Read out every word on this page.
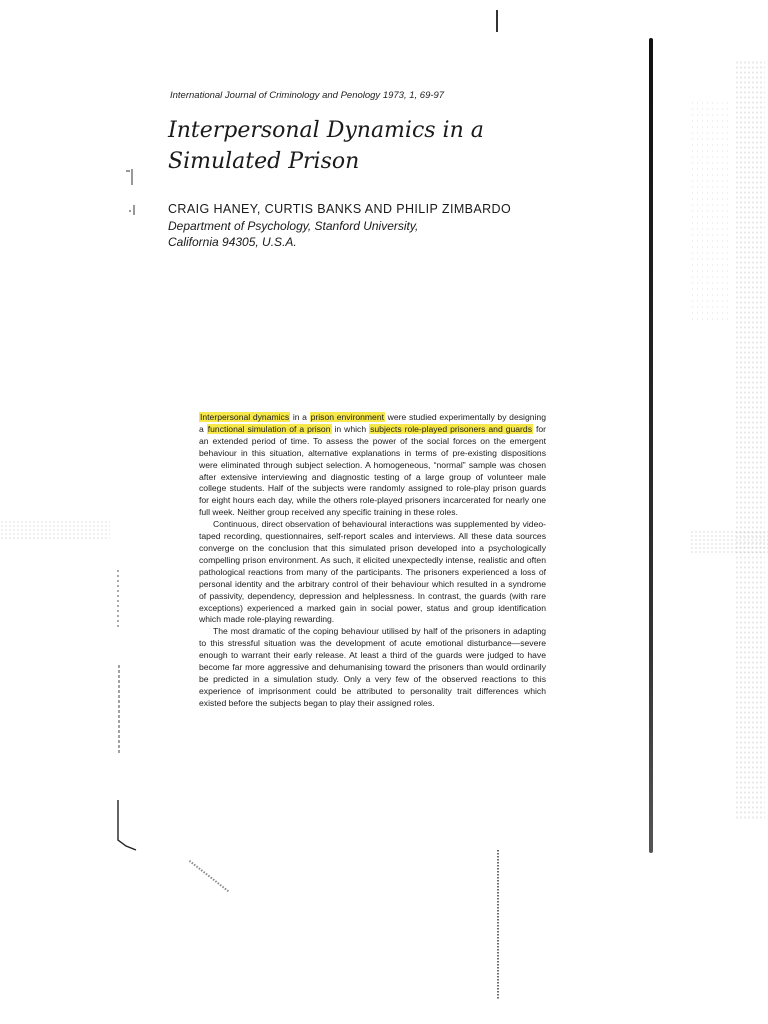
International Journal of Criminology and Penology 1973, 1, 69-97
Interpersonal Dynamics in a
Simulated Prison
CRAIG HANEY, CURTIS BANKS AND PHILIP ZIMBARDO
Department of Psychology, Stanford University,
California 94305, U.S.A.

Interpersonal dynamics in a prison environment were studied experimentally by designing a functional simulation of a prison in which subjects role-played prisoners and guards for an extended period of time. To assess the power of the social forces on the emergent behaviour in this situation, alternative explanations in terms of pre-existing dispositions were eliminated through subject selection. A homogeneous, “normal” sample was chosen after extensive interviewing and diagnostic testing of a large group of volunteer male college students. Half of the subjects were randomly assigned to role-play prison guards for eight hours each day, while the others role-played prisoners incarcerated for nearly one full week. Neither group received any specific training in these roles.

Continuous, direct observation of behavioural interactions was supplemented by video-taped recording, questionnaires, self-report scales and interviews. All these data sources converge on the conclusion that this simulated prison developed into a psychologically compelling prison environment. As such, it elicited unexpectedly intense, realistic and often pathological reactions from many of the participants. The prisoners experienced a loss of personal identity and the arbitrary control of their behaviour which resulted in a syndrome of passivity, dependency, depression and helplessness. In contrast, the guards (with rare exceptions) experienced a marked gain in social power, status and group identification which made role-playing rewarding.

The most dramatic of the coping behaviour utilised by half of the prisoners in adapting to this stressful situation was the development of acute emotional disturbance—severe enough to warrant their early release. At least a third of the guards were judged to have become far more aggressive and dehumanising toward the prisoners than would ordinarily be predicted in a simulation study. Only a very few of the observed reactions to this experience of imprisonment could be attributed to personality trait differences which existed before the subjects began to play their assigned roles.
